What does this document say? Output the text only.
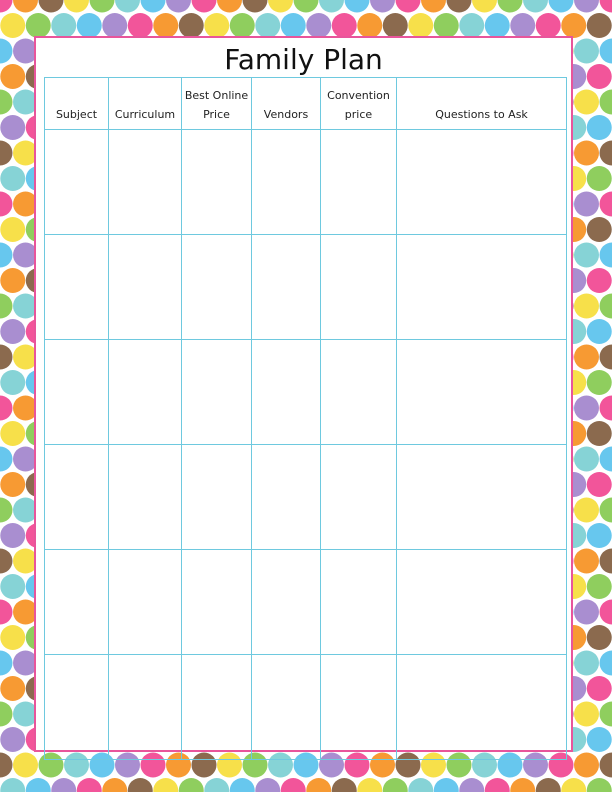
Family Plan
Subject	Curriculum	Best Online Price	Vendors	Convention price	Questions to Ask
